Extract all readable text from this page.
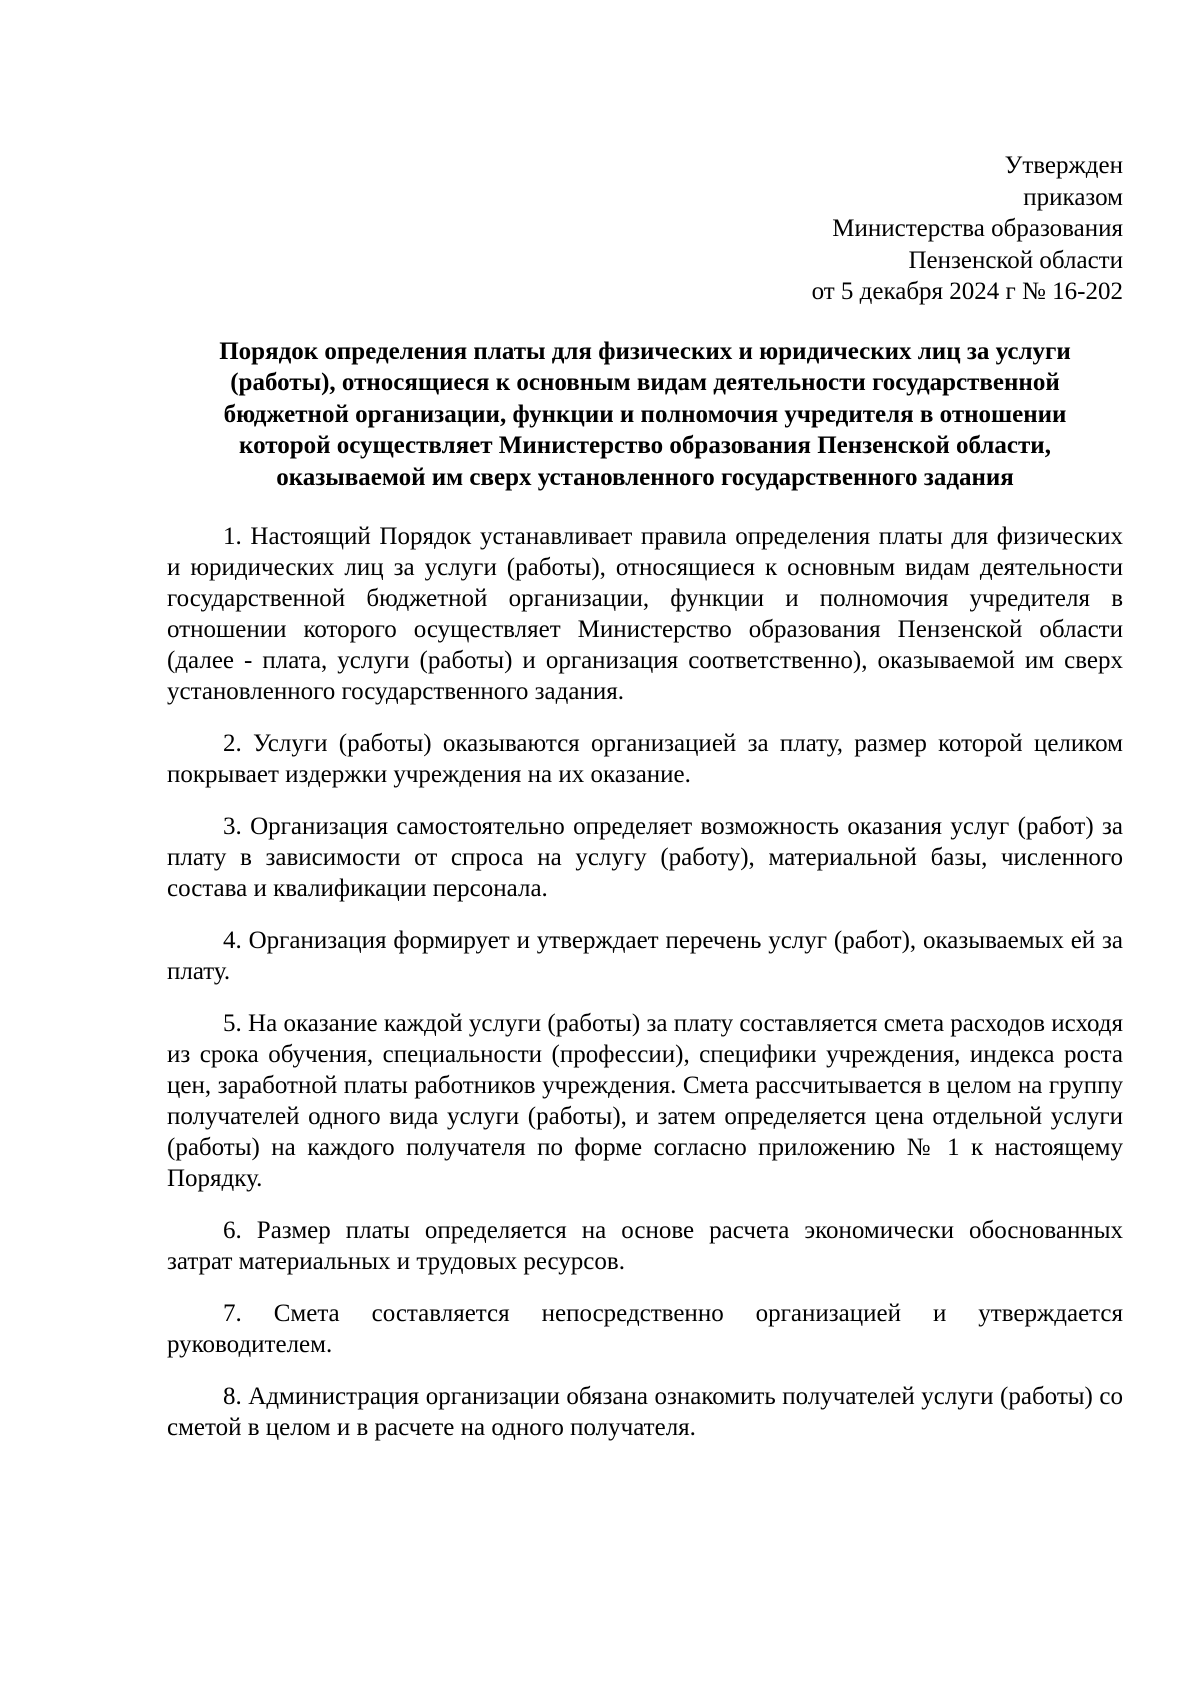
Утвержден
приказом
Министерства образования
Пензенской области
от 5 декабря 2024 г № 16-202
Порядок определения платы для физических и юридических лиц за услуги
(работы), относящиеся к основным видам деятельности государственной
бюджетной организации, функции и полномочия учредителя в отношении
которой осуществляет Министерство образования Пензенской области,
оказываемой им сверх установленного государственного задания

1. Настоящий Порядок устанавливает правила определения платы для физических и юридических лиц за услуги (работы), относящиеся к основным видам деятельности государственной бюджетной организации, функции и полномочия учредителя в отношении которого осуществляет Министерство образования Пензенской области (далее - плата, услуги (работы) и организация соответственно), оказываемой им сверх установленного государственного задания.

2. Услуги (работы) оказываются организацией за плату, размер которой целиком покрывает издержки учреждения на их оказание.

3. Организация самостоятельно определяет возможность оказания услуг (работ) за плату в зависимости от спроса на услугу (работу), материальной базы, численного состава и квалификации персонала.

4. Организация формирует и утверждает перечень услуг (работ), оказываемых ей за плату.

5. На оказание каждой услуги (работы) за плату составляется смета расходов исходя из срока обучения, специальности (профессии), специфики учреждения, индекса роста цен, заработной платы работников учреждения. Смета рассчитывается в целом на группу получателей одного вида услуги (работы), и затем определяется цена отдельной услуги (работы) на каждого получателя по форме согласно приложению № 1 к настоящему Порядку.

6. Размер платы определяется на основе расчета экономически обоснованных затрат материальных и трудовых ресурсов.

7. Смета составляется непосредственно организацией и утверждается руководителем.

8. Администрация организации обязана ознакомить получателей услуги (работы) со сметой в целом и в расчете на одного получателя.
